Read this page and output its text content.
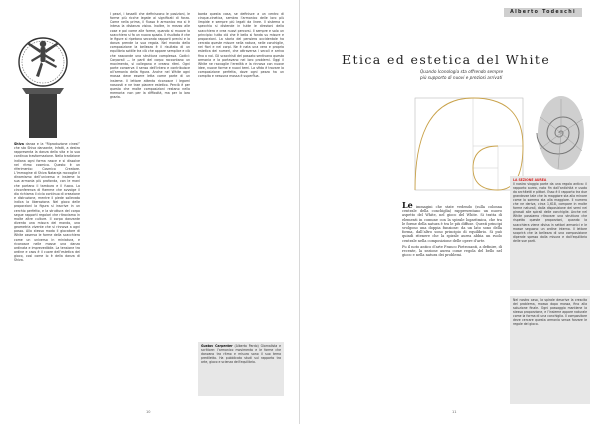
Shiva danza e la “Riproduzione cinesi” che sta Shiva danzante, Infatti, a destra rappresenta la danza della vita e la sua continua trasformazione. Nella tradizione indiana ogni forma nasce e si dissolve nel ritmo cosmico. Questo è un riferimento: Cosmico Creatore. L’immagine di Shiva Nataraja raccoglie il dinamismo dell’universo e insieme la sua armonia più profonda, con le mani che portano il tamburo e il fuoco. La circonferenza di fiamme che avvolge il dio richiama il ciclo continuo di creazione e distruzione, mentre il piede sollevato indica la liberazione. Nel gioco delle proporzioni la figura si inscrive in un cerchio perfetto, e la struttura del corpo segue rapporti regolari che ritroviamo in molte altre culture. Il corpo danzante diventa una misura del mondo, una geometria vivente che si rinnova a ogni passo. Allo stesso modo il giocatore di White osserva le forme della scacchiera come un universo in miniatura, e riconosce nelle mosse una danza ordinata e imprevedibile. La tensione tra ordine e caos è il cuore dell’estetica del gioco, così come lo è della danza di Shiva.

I pezzi, i tasselli che definiscono le posizioni, le forme più ricche legate ai significati di forza. Come nella prima, il flusso è armonico ma si è intesa la distanza visiva. Inoltre, in mezzo alle cose e poi come alle forme, quando si muove la scacchiera si fa un nuovo spazio. Il risultato è che le figure si ripetono secondo rapporti precisi e la danza prende la sua regola. Nel mondo della composizione la bellezza è il risultato di un equilibrio sottile tra ciò che appare semplice e ciò che nasconde una struttura complessa. Codici: Corporali — le parti del corpo raccontano un movimento, si collegano e creano ritmi. Ogni parte conserva il senso dell’intero e contribuisce all’armonia della figura. Anche nel White ogni mossa deve essere letta come parte di un insieme. Il lettore attento riconosce i legami nascosti e ne trae piacere estetico. Perciò è per questo che molte composizioni restano nella memoria: non per la difficoltà, ma per la loro grazia.

borda questa casa, se definisce a un centro di cinque-cinetica, sembra l’armonico delle loro più limpide e sempre più legati da linee. Il sistema a specchio si distende in tutte le direzioni della scacchiera e crea nuovi percorsi. Il sempre e solo un principio: tutto ciò che è bello si fonda su misure e proporzioni. La storia del pensiero occidentale ha cercato queste misure nella natura, nelle conchiglie, nei fiori e nei corpi. Ne è nata una vera e propria estetica dei numeri, che attraversa i secoli e arriva fino a noi. Gli scacchisti del passato sentivano questa armonia e la portavano nei loro problemi. Oggi il White ne raccoglie l’eredità e la rinnova con nuove idee, nuove forme e nuovi temi. La sfida è trovare la composizione perfetta, dove ogni pezzo ha un compito e nessuna mossa è superflua.

Gustav Carpenter (Alberto Pardo) Giornalista e scrittore: l’armonico movimento e le forme che danzano tra ritmo e misura sono il suo tema prediletto. Ha pubblicato studi sul rapporto tra arte, gioco e scienza dell’equilibrio.
10
Alberto Todeschi
Etica ed estetica del White
Quando Iconologia sta offrendo sempre più supporto di nuovi e preziosi arrivati

Le immagini che state vedendo (sulla colonna centrale della conchiglia) rappresentano un nuovo aspetto del White, nel gioco del White. Si tratta di elementi in comune con la spirale logaritmica, che tra le forme della natura è tra le più diffuse. Questi principi svolgono una doppia funzione: da un lato sono della forma, dall’altro sono principio di equilibrio. Si può quindi ritenere che la spirale aurea abbia un ruolo centrale nella composizione delle opere d’arte.

Fu il noto antico d’arte Franco Pietrosanti, a definire, di recente, la sezione aurea come regola del bello nel gioco e nella natura dei problemi.

LA SEZIONE AUREA
Il nostro viaggio parte da una regola antica: il rapporto aureo, noto fin dall’antichità e usato da architetti e pittori. Esso è il rapporto tra due grandezze tale che la maggiore sta alla minore come la somma sta alla maggiore. Il numero che ne deriva, circa 1,618, compare in molte forme naturali, dalla disposizione dei semi nei girasoli alle spirali delle conchiglie. Anche nel White possiamo ritrovare una struttura che rispetta queste proporzioni, quando la scacchiera viene divisa in settori armonici e le mosse seguono un ordine interno. Il lettore scoprirà che la bellezza di una composizione dipende spesso dalla misura e dall’equilibrio delle sue parti.
Nel nostro caso, la spirale descrive la crescita del problema, mossa dopo mossa, fino alla soluzione finale. Ogni passaggio mantiene la stessa proporzione, e l’insieme appare naturale come la forma di una conchiglia. Il compositore deve cercare questa armonia senza forzare le regole del gioco.
11
